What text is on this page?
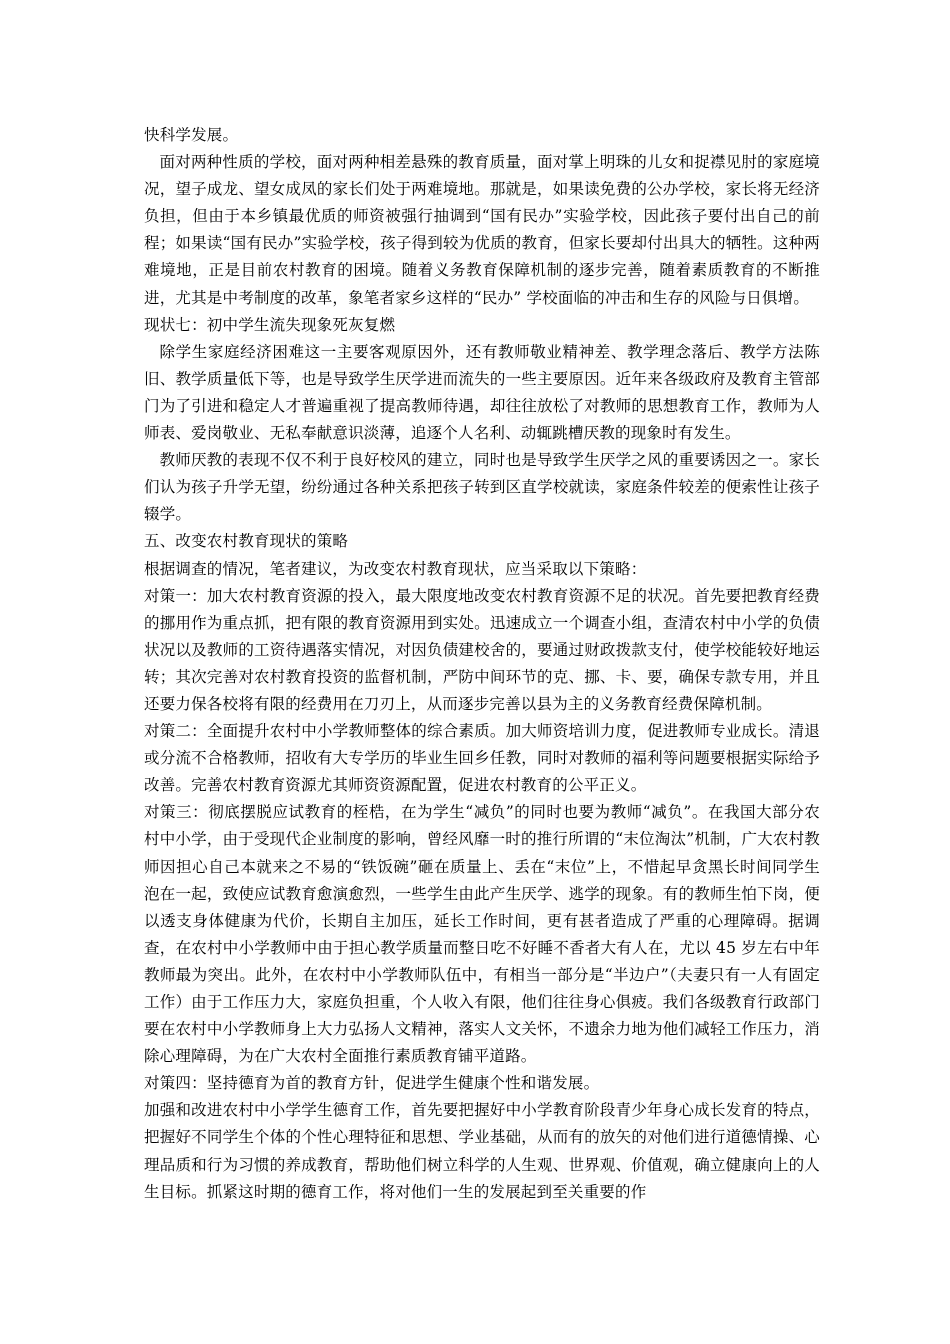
快科学发展。

面对两种性质的学校，面对两种相差悬殊的教育质量，面对掌上明珠的儿女和捉襟见肘的家庭境况，望子成龙、望女成凤的家长们处于两难境地。那就是，如果读免费的公办学校，家长将无经济负担，但由于本乡镇最优质的师资被强行抽调到“国有民办”实验学校，因此孩子要付出自己的前程；如果读“国有民办”实验学校，孩子得到较为优质的教育，但家长要却付出具大的牺牲。这种两难境地，正是目前农村教育的困境。随着义务教育保障机制的逐步完善，随着素质教育的不断推进，尤其是中考制度的改革，象笔者家乡这样的“民办” 学校面临的冲击和生存的风险与日俱增。

现状七：初中学生流失现象死灰复燃

除学生家庭经济困难这一主要客观原因外，还有教师敬业精神差、教学理念落后、教学方法陈旧、教学质量低下等，也是导致学生厌学进而流失的一些主要原因。近年来各级政府及教育主管部门为了引进和稳定人才普遍重视了提高教师待遇，却往往放松了对教师的思想教育工作，教师为人师表、爱岗敬业、无私奉献意识淡薄，追逐个人名利、动辄跳槽厌教的现象时有发生。

教师厌教的表现不仅不利于良好校风的建立，同时也是导致学生厌学之风的重要诱因之一。家长们认为孩子升学无望，纷纷通过各种关系把孩子转到区直学校就读，家庭条件较差的便索性让孩子辍学。

五、改变农村教育现状的策略

根据调查的情况，笔者建议，为改变农村教育现状，应当采取以下策略：

对策一：加大农村教育资源的投入，最大限度地改变农村教育资源不足的状况。首先要把教育经费的挪用作为重点抓，把有限的教育资源用到实处。迅速成立一个调查小组，查清农村中小学的负债状况以及教师的工资待遇落实情况，对因负债建校舍的，要通过财政拨款支付，使学校能较好地运转；其次完善对农村教育投资的监督机制，严防中间环节的克、挪、卡、要，确保专款专用，并且还要力保各校将有限的经费用在刀刃上，从而逐步完善以县为主的义务教育经费保障机制。

对策二：全面提升农村中小学教师整体的综合素质。加大师资培训力度，促进教师专业成长。清退或分流不合格教师，招收有大专学历的毕业生回乡任教，同时对教师的福利等问题要根据实际给予改善。完善农村教育资源尤其师资资源配置，促进农村教育的公平正义。

对策三：彻底摆脱应试教育的桎梏，在为学生“减负”的同时也要为教师“减负”。在我国大部分农村中小学，由于受现代企业制度的影响，曾经风靡一时的推行所谓的“末位淘汰”机制，广大农村教师因担心自己本就来之不易的“铁饭碗”砸在质量上、丢在“末位”上，不惜起早贪黑长时间同学生泡在一起，致使应试教育愈演愈烈，一些学生由此产生厌学、逃学的现象。有的教师生怕下岗，便以透支身体健康为代价，长期自主加压，延长工作时间，更有甚者造成了严重的心理障碍。据调查，在农村中小学教师中由于担心教学质量而整日吃不好睡不香者大有人在，尤以 45 岁左右中年教师最为突出。此外，在农村中小学教师队伍中，有相当一部分是“半边户”（夫妻只有一人有固定工作）由于工作压力大，家庭负担重，个人收入有限，他们往往身心俱疲。我们各级教育行政部门要在农村中小学教师身上大力弘扬人文精神，落实人文关怀，不遗余力地为他们减轻工作压力，消除心理障碍，为在广大农村全面推行素质教育铺平道路。

对策四：坚持德育为首的教育方针，促进学生健康个性和谐发展。

加强和改进农村中小学学生德育工作，首先要把握好中小学教育阶段青少年身心成长发育的特点，把握好不同学生个体的个性心理特征和思想、学业基础，从而有的放矢的对他们进行道德情操、心理品质和行为习惯的养成教育，帮助他们树立科学的人生观、世界观、价值观，确立健康向上的人生目标。抓紧这时期的德育工作，将对他们一生的发展起到至关重要的作
